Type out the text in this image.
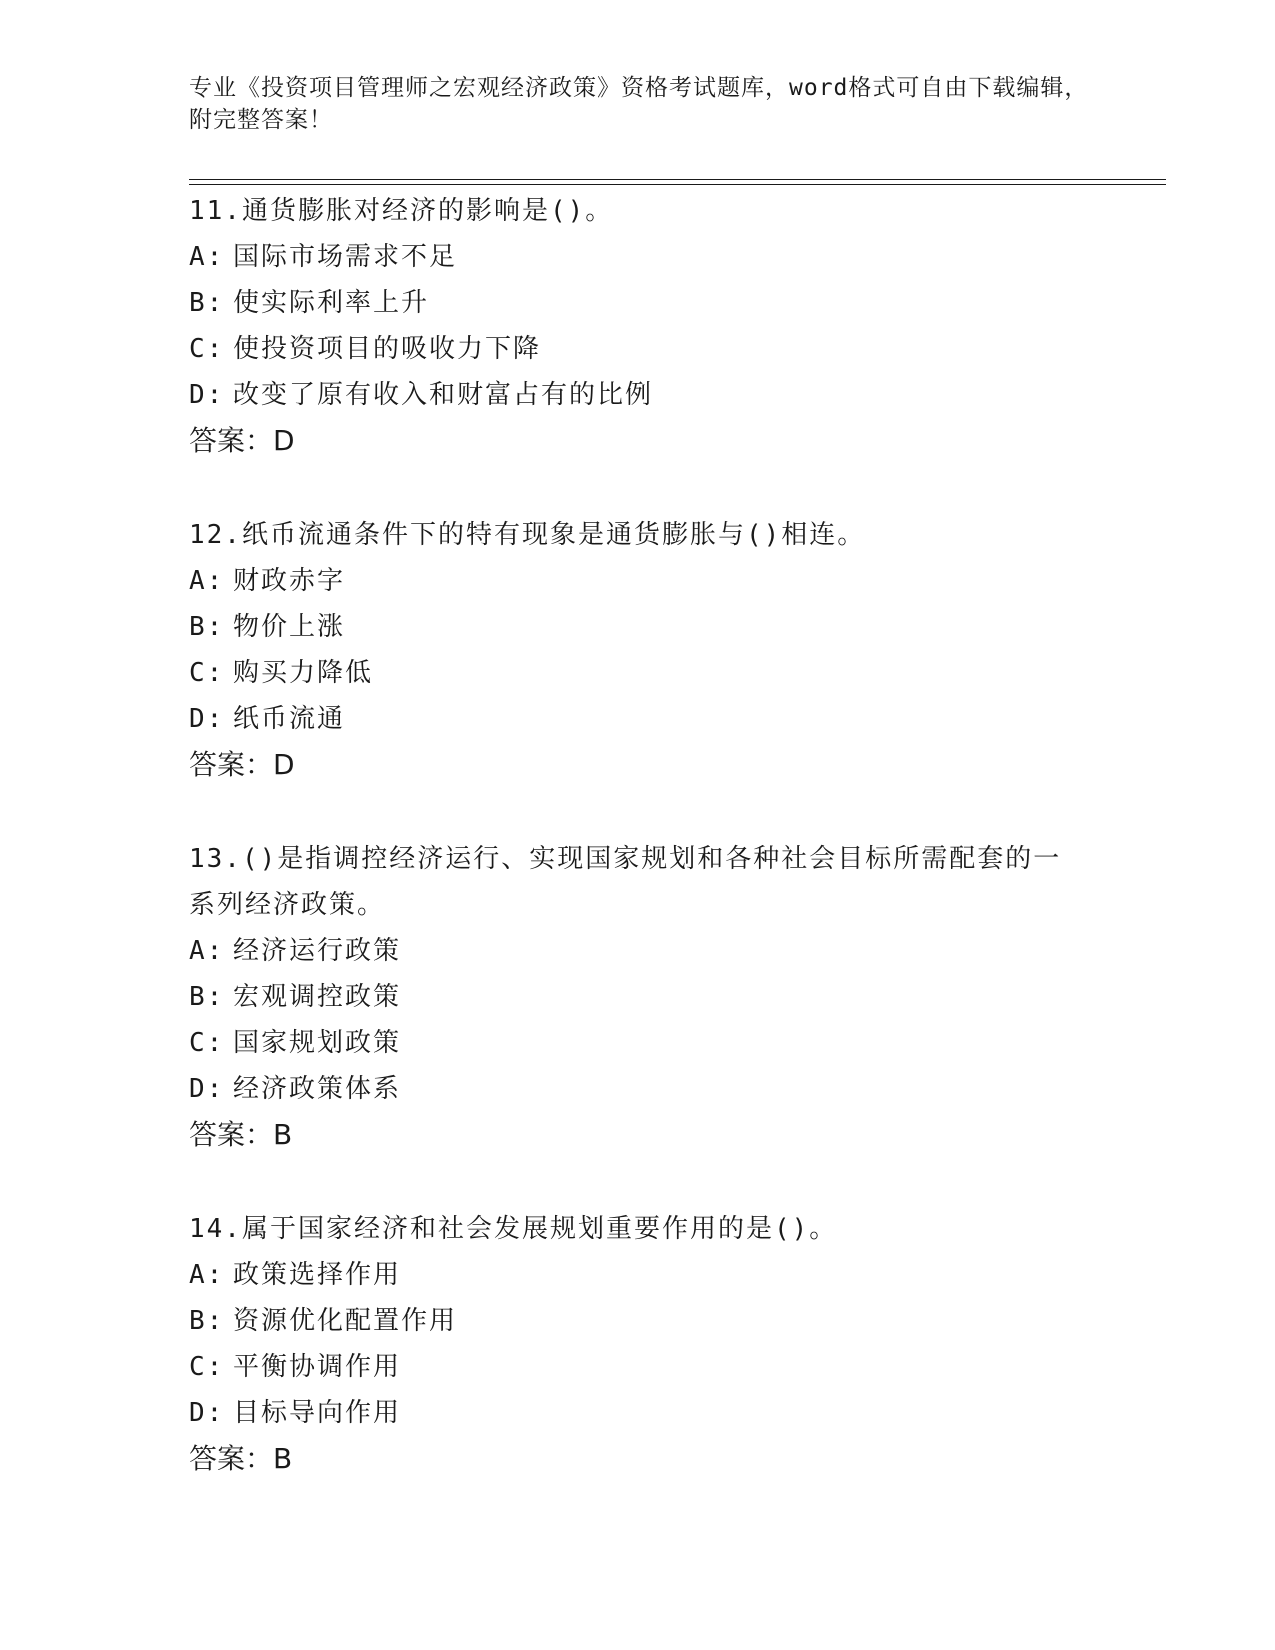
专业《投资项目管理师之宏观经济政策》资格考试题库，word格式可自由下载编辑，附完整答案！

11.通货膨胀对经济的影响是()。

A: 国际市场需求不足
B: 使实际利率上升
C: 使投资项目的吸收力下降
D: 改变了原有收入和财富占有的比例

答案：D

12.纸币流通条件下的特有现象是通货膨胀与()相连。

A: 财政赤字
B: 物价上涨
C: 购买力降低
D: 纸币流通

答案：D

13.()是指调控经济运行、实现国家规划和各种社会目标所需配套的一系列经济政策。

A: 经济运行政策
B: 宏观调控政策
C: 国家规划政策
D: 经济政策体系

答案：B

14.属于国家经济和社会发展规划重要作用的是()。

A: 政策选择作用
B: 资源优化配置作用
C: 平衡协调作用
D: 目标导向作用

答案：B
